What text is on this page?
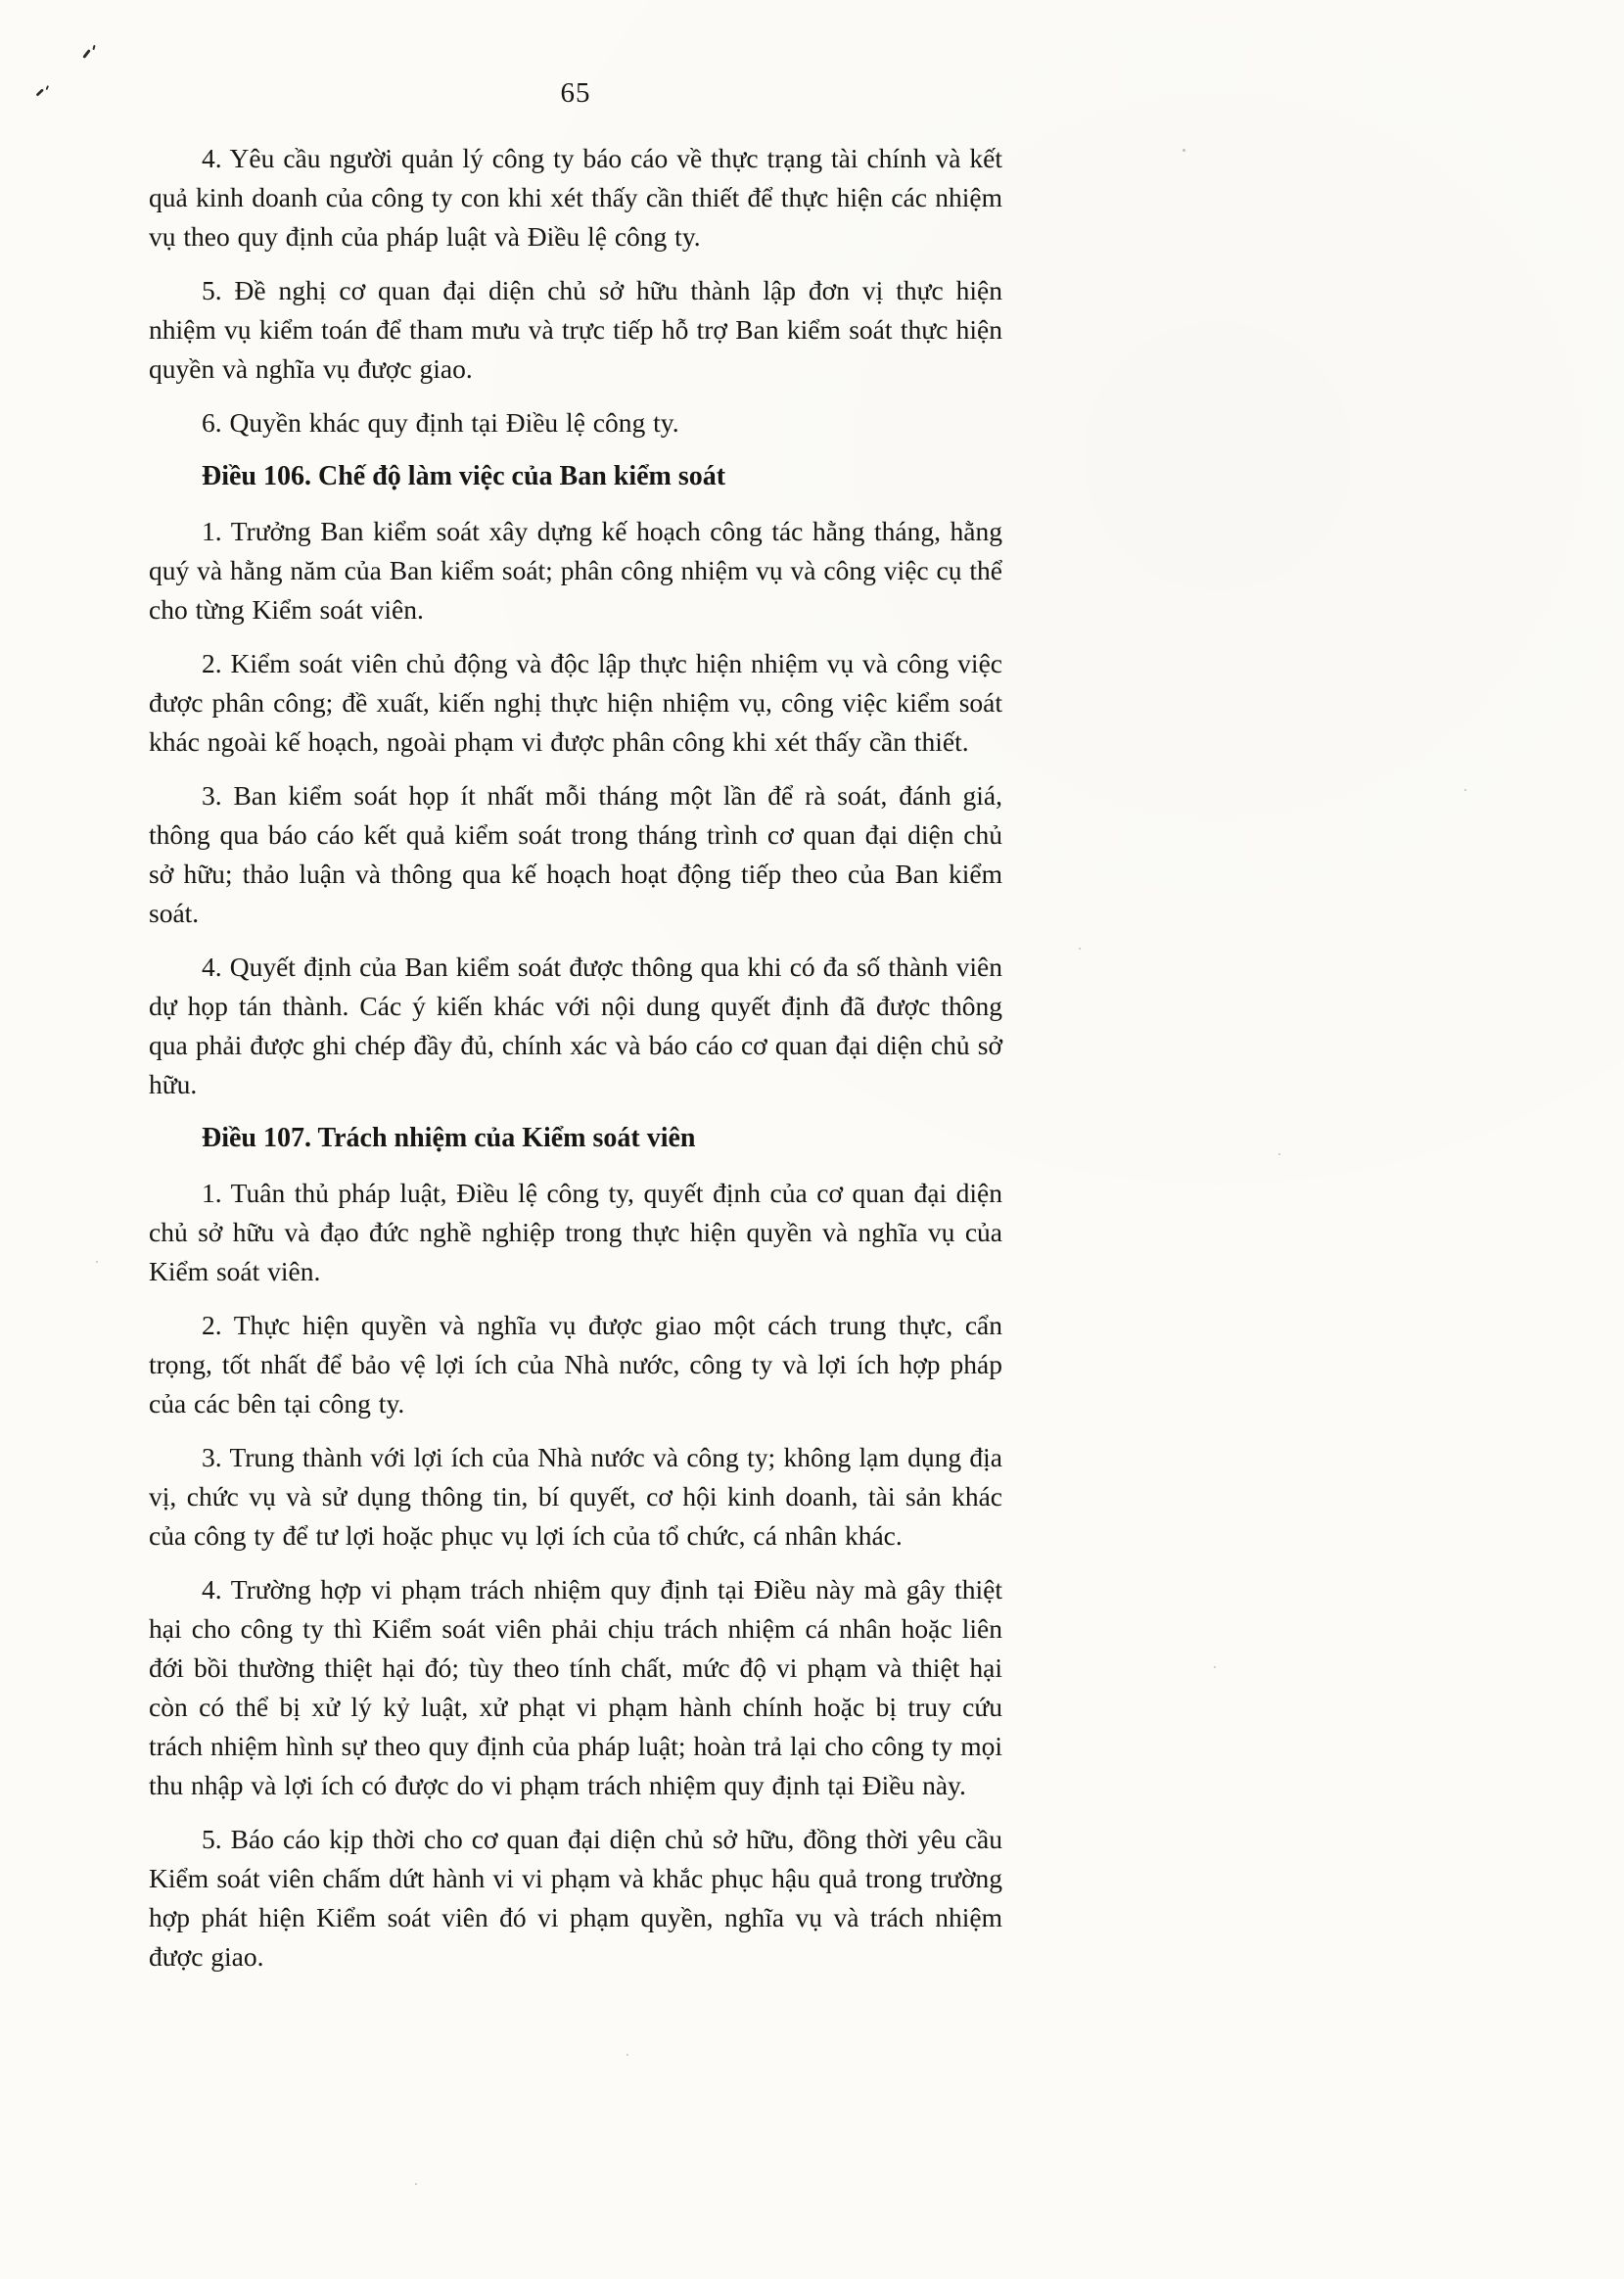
65

4. Yêu cầu người quản lý công ty báo cáo về thực trạng tài chính và kết quả kinh doanh của công ty con khi xét thấy cần thiết để thực hiện các nhiệm vụ theo quy định của pháp luật và Điều lệ công ty.

5. Đề nghị cơ quan đại diện chủ sở hữu thành lập đơn vị thực hiện nhiệm vụ kiểm toán để tham mưu và trực tiếp hỗ trợ Ban kiểm soát thực hiện quyền và nghĩa vụ được giao.

6. Quyền khác quy định tại Điều lệ công ty.

Điều 106. Chế độ làm việc của Ban kiểm soát

1. Trưởng Ban kiểm soát xây dựng kế hoạch công tác hằng tháng, hằng quý và hằng năm của Ban kiểm soát; phân công nhiệm vụ và công việc cụ thể cho từng Kiểm soát viên.

2. Kiểm soát viên chủ động và độc lập thực hiện nhiệm vụ và công việc được phân công; đề xuất, kiến nghị thực hiện nhiệm vụ, công việc kiểm soát khác ngoài kế hoạch, ngoài phạm vi được phân công khi xét thấy cần thiết.

3. Ban kiểm soát họp ít nhất mỗi tháng một lần để rà soát, đánh giá, thông qua báo cáo kết quả kiểm soát trong tháng trình cơ quan đại diện chủ sở hữu; thảo luận và thông qua kế hoạch hoạt động tiếp theo của Ban kiểm soát.

4. Quyết định của Ban kiểm soát được thông qua khi có đa số thành viên dự họp tán thành. Các ý kiến khác với nội dung quyết định đã được thông qua phải được ghi chép đầy đủ, chính xác và báo cáo cơ quan đại diện chủ sở hữu.

Điều 107. Trách nhiệm của Kiểm soát viên

1. Tuân thủ pháp luật, Điều lệ công ty, quyết định của cơ quan đại diện chủ sở hữu và đạo đức nghề nghiệp trong thực hiện quyền và nghĩa vụ của Kiểm soát viên.

2. Thực hiện quyền và nghĩa vụ được giao một cách trung thực, cẩn trọng, tốt nhất để bảo vệ lợi ích của Nhà nước, công ty và lợi ích hợp pháp của các bên tại công ty.

3. Trung thành với lợi ích của Nhà nước và công ty; không lạm dụng địa vị, chức vụ và sử dụng thông tin, bí quyết, cơ hội kinh doanh, tài sản khác của công ty để tư lợi hoặc phục vụ lợi ích của tổ chức, cá nhân khác.

4. Trường hợp vi phạm trách nhiệm quy định tại Điều này mà gây thiệt hại cho công ty thì Kiểm soát viên phải chịu trách nhiệm cá nhân hoặc liên đới bồi thường thiệt hại đó; tùy theo tính chất, mức độ vi phạm và thiệt hại còn có thể bị xử lý kỷ luật, xử phạt vi phạm hành chính hoặc bị truy cứu trách nhiệm hình sự theo quy định của pháp luật; hoàn trả lại cho công ty mọi thu nhập và lợi ích có được do vi phạm trách nhiệm quy định tại Điều này.

5. Báo cáo kịp thời cho cơ quan đại diện chủ sở hữu, đồng thời yêu cầu Kiểm soát viên chấm dứt hành vi vi phạm và khắc phục hậu quả trong trường hợp phát hiện Kiểm soát viên đó vi phạm quyền, nghĩa vụ và trách nhiệm được giao.
